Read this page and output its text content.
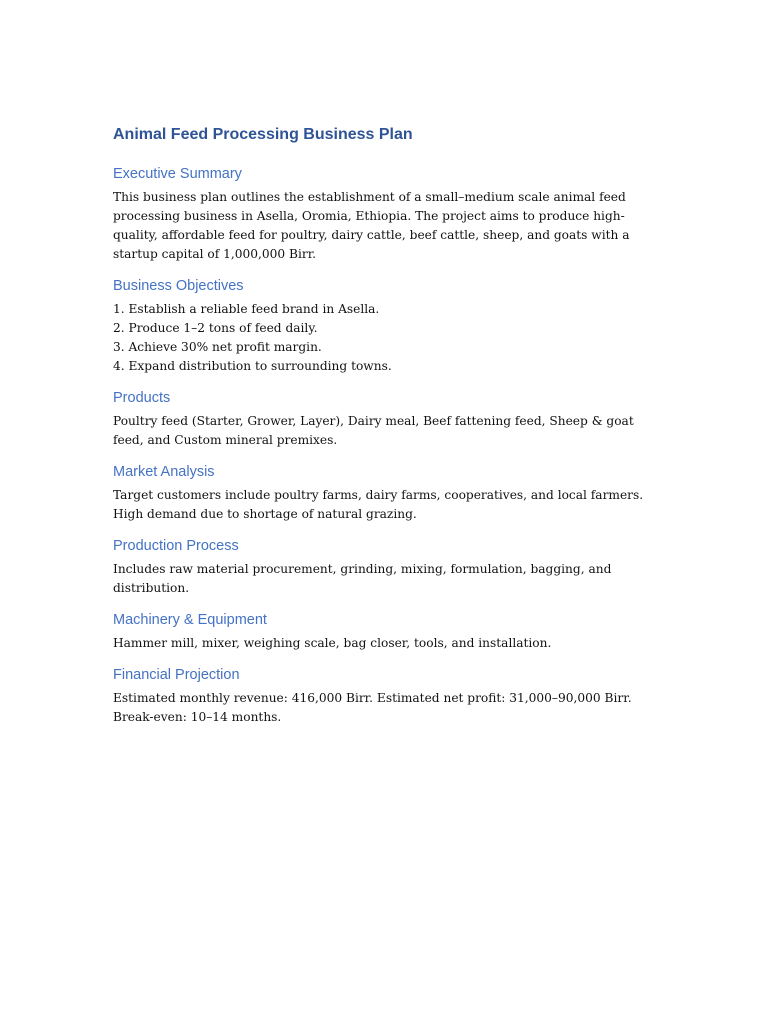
Animal Feed Processing Business Plan
Executive Summary

This business plan outlines the establishment of a small–medium scale animal feed processing business in Asella, Oromia, Ethiopia. The project aims to produce high-quality, affordable feed for poultry, dairy cattle, beef cattle, sheep, and goats with a startup capital of 1,000,000 Birr.

Business Objectives
1. Establish a reliable feed brand in Asella.
2. Produce 1–2 tons of feed daily.
3. Achieve 30% net profit margin.
4. Expand distribution to surrounding towns.
Products

Poultry feed (Starter, Grower, Layer), Dairy meal, Beef fattening feed, Sheep & goat feed, and Custom mineral premixes.

Market Analysis

Target customers include poultry farms, dairy farms, cooperatives, and local farmers. High demand due to shortage of natural grazing.

Production Process

Includes raw material procurement, grinding, mixing, formulation, bagging, and distribution.

Machinery & Equipment

Hammer mill, mixer, weighing scale, bag closer, tools, and installation.

Financial Projection

Estimated monthly revenue: 416,000 Birr. Estimated net profit: 31,000–90,000 Birr. Break-even: 10–14 months.
